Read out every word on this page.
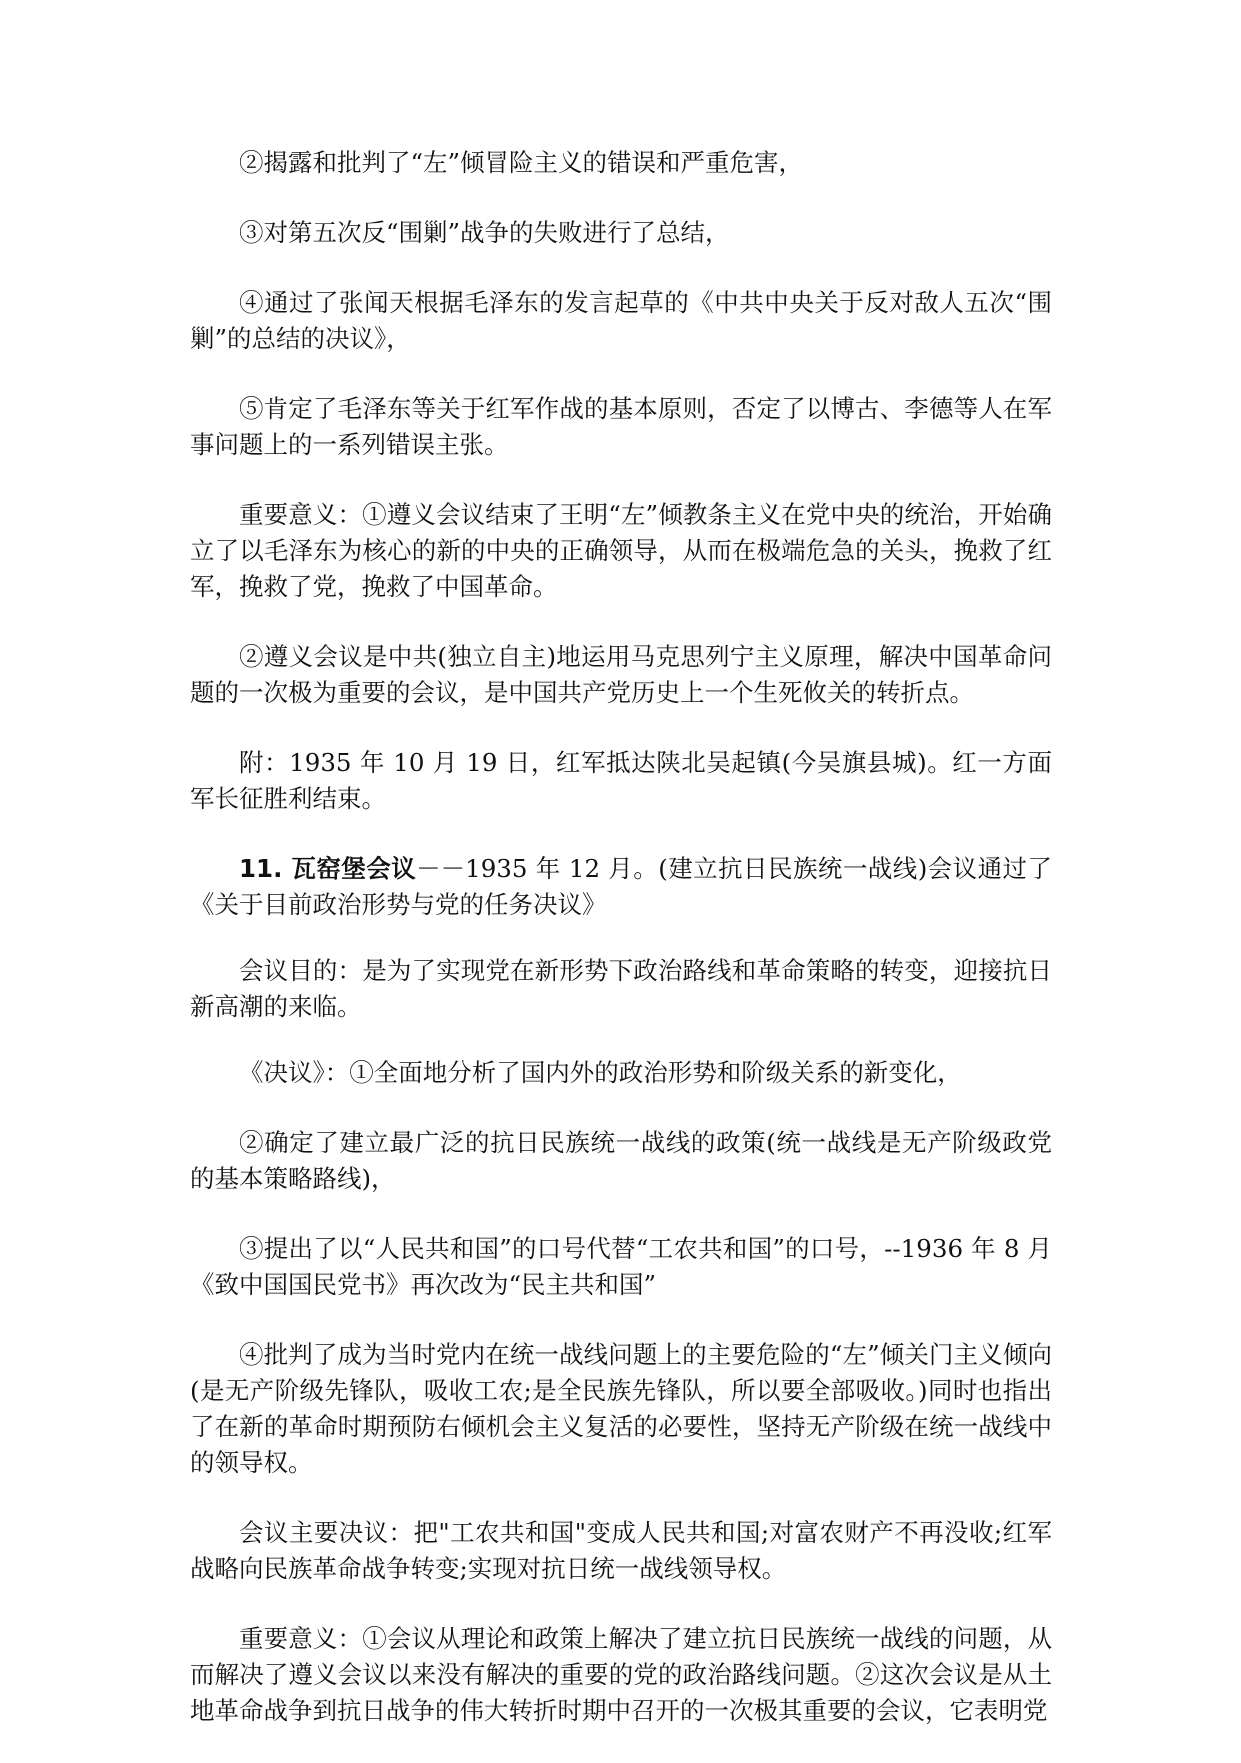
②揭露和批判了“左”倾冒险主义的错误和严重危害，

③对第五次反“围剿”战争的失败进行了总结，

④通过了张闻天根据毛泽东的发言起草的《中共中央关于反对敌人五次“围剿”的总结的决议》，

⑤肯定了毛泽东等关于红军作战的基本原则，否定了以博古、李德等人在军事问题上的一系列错误主张。

重要意义：①遵义会议结束了王明“左”倾教条主义在党中央的统治，开始确立了以毛泽东为核心的新的中央的正确领导，从而在极端危急的关头，挽救了红军，挽救了党，挽救了中国革命。

②遵义会议是中共(独立自主)地运用马克思列宁主义原理，解决中国革命问题的一次极为重要的会议，是中国共产党历史上一个生死攸关的转折点。

附：1935 年 10 月 19 日，红军抵达陕北吴起镇(今吴旗县城)。红一方面军长征胜利结束。

11. 瓦窑堡会议－－1935 年 12 月。(建立抗日民族统一战线)会议通过了《关于目前政治形势与党的任务决议》

会议目的：是为了实现党在新形势下政治路线和革命策略的转变，迎接抗日新高潮的来临。

《决议》：①全面地分析了国内外的政治形势和阶级关系的新变化，

②确定了建立最广泛的抗日民族统一战线的政策(统一战线是无产阶级政党的基本策略路线)，

③提出了以“人民共和国”的口号代替“工农共和国”的口号，--1936 年 8 月《致中国国民党书》再次改为“民主共和国”

④批判了成为当时党内在统一战线问题上的主要危险的“左”倾关门主义倾向(是无产阶级先锋队，吸收工农;是全民族先锋队，所以要全部吸收。)同时也指出了在新的革命时期预防右倾机会主义复活的必要性，坚持无产阶级在统一战线中的领导权。

会议主要决议：把"工农共和国"变成人民共和国;对富农财产不再没收;红军战略向民族革命战争转变;实现对抗日统一战线领导权。

重要意义：①会议从理论和政策上解决了建立抗日民族统一战线的问题，从而解决了遵义会议以来没有解决的重要的党的政治路线问题。②这次会议是从土地革命战争到抗日战争的伟大转折时期中召开的一次极其重要的会议，它表明党
